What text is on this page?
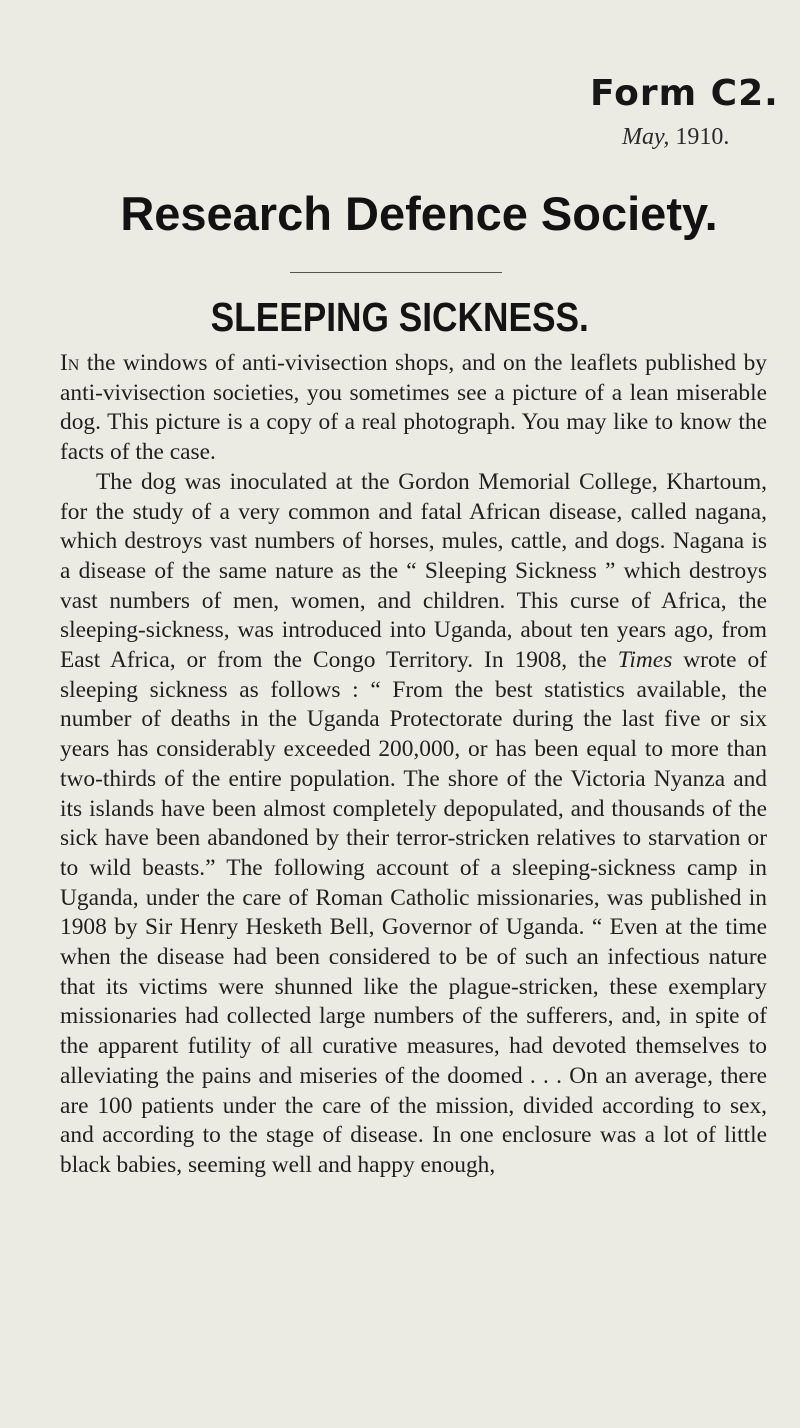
Form C2.

May, 1910.

Research Defence Society.
SLEEPING SICKNESS.

In the windows of anti-vivisection shops, and on the leaflets published by anti-vivisection societies, you sometimes see a picture of a lean miserable dog. This picture is a copy of a real photograph. You may like to know the facts of the case.

The dog was inoculated at the Gordon Memorial College, Khartoum, for the study of a very common and fatal African disease, called nagana, which destroys vast numbers of horses, mules, cattle, and dogs. Nagana is a disease of the same nature as the “ Sleeping Sickness ” which destroys vast numbers of men, women, and children. This curse of Africa, the sleeping-sickness, was introduced into Uganda, about ten years ago, from East Africa, or from the Congo Territory. In 1908, the Times wrote of sleeping sickness as follows : “ From the best statistics available, the number of deaths in the Uganda Protectorate during the last five or six years has considerably exceeded 200,000, or has been equal to more than two-thirds of the entire population. The shore of the Victoria Nyanza and its islands have been almost completely depopulated, and thousands of the sick have been abandoned by their terror-stricken relatives to starvation or to wild beasts.” The following account of a sleeping-sickness camp in Uganda, under the care of Roman Catholic missionaries, was published in 1908 by Sir Henry Hesketh Bell, Governor of Uganda. “ Even at the time when the disease had been considered to be of such an infectious nature that its victims were shunned like the plague-stricken, these exemplary missionaries had collected large numbers of the sufferers, and, in spite of the apparent futility of all curative measures, had devoted themselves to alleviating the pains and miseries of the doomed . . . On an average, there are 100 patients under the care of the mission, divided according to sex, and according to the stage of disease. In one enclosure was a lot of little black babies, seeming well and happy enough,
